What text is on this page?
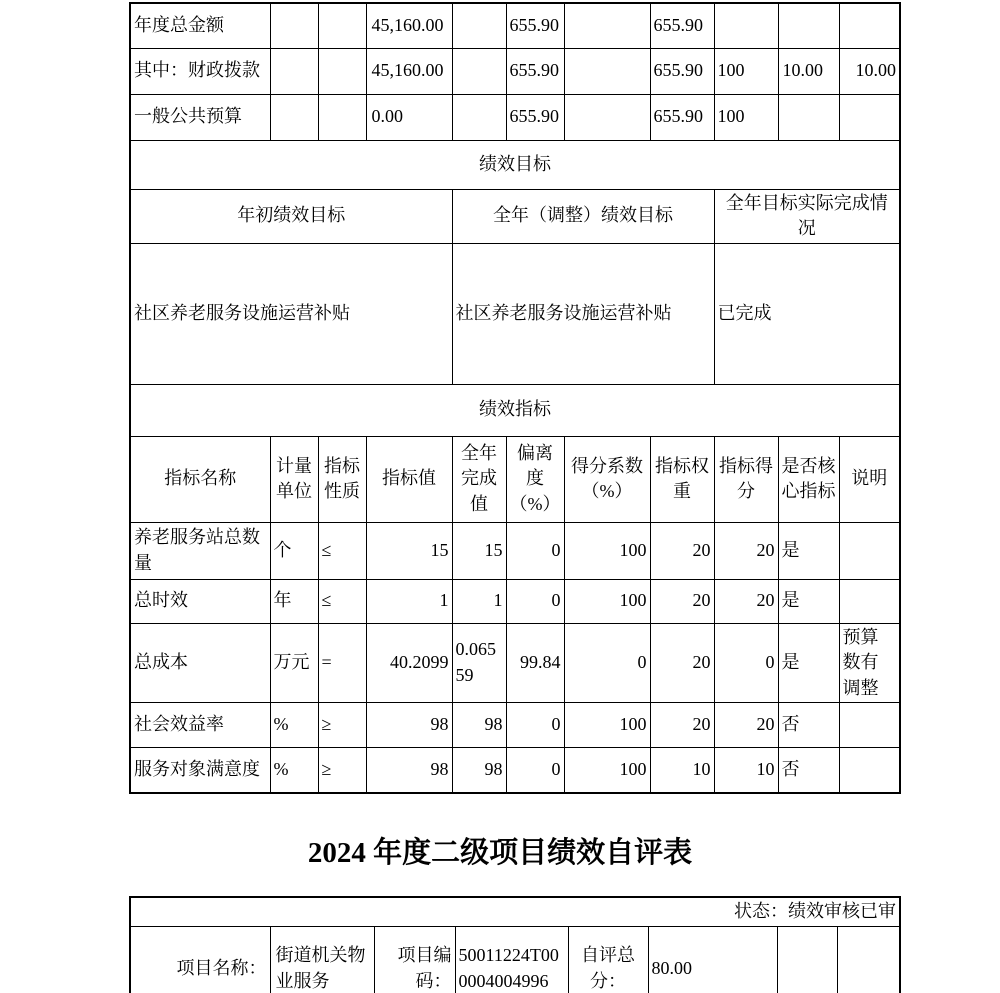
年度总金额			45,160.00		655.90		655.90			
其中：财政拨款			45,160.00		655.90		655.90	100	10.00	10.00
一般公共预算			0.00		655.90		655.90	100		
绩效目标										
年初绩效目标				全年（调整）绩效目标				全年目标实际完成情况		
社区养老服务设施运营补贴				社区养老服务设施运营补贴				已完成		
绩效指标										
指标名称	计量单位	指标性质	指标值	全年完成值	偏离度（%）	得分系数（%）	指标权重	指标得分	是否核心指标	说明
养老服务站总数量	个	≤	15	15	0	100	20	20	是	
总时效	年	≤	1	1	0	100	20	20	是	
总成本	万元	=	40.2099	0.06559	99.84	0	20	0	是	预算数有调整
社会效益率	%	≥	98	98	0	100	20	20	否	
服务对象满意度	%	≥	98	98	0	100	10	10	否	
2024 年度二级项目绩效自评表
状态：绩效审核已审
项目名称：	街道机关物业服务	项目编码：	50011224T000004004996	自评总分：	80.00		
